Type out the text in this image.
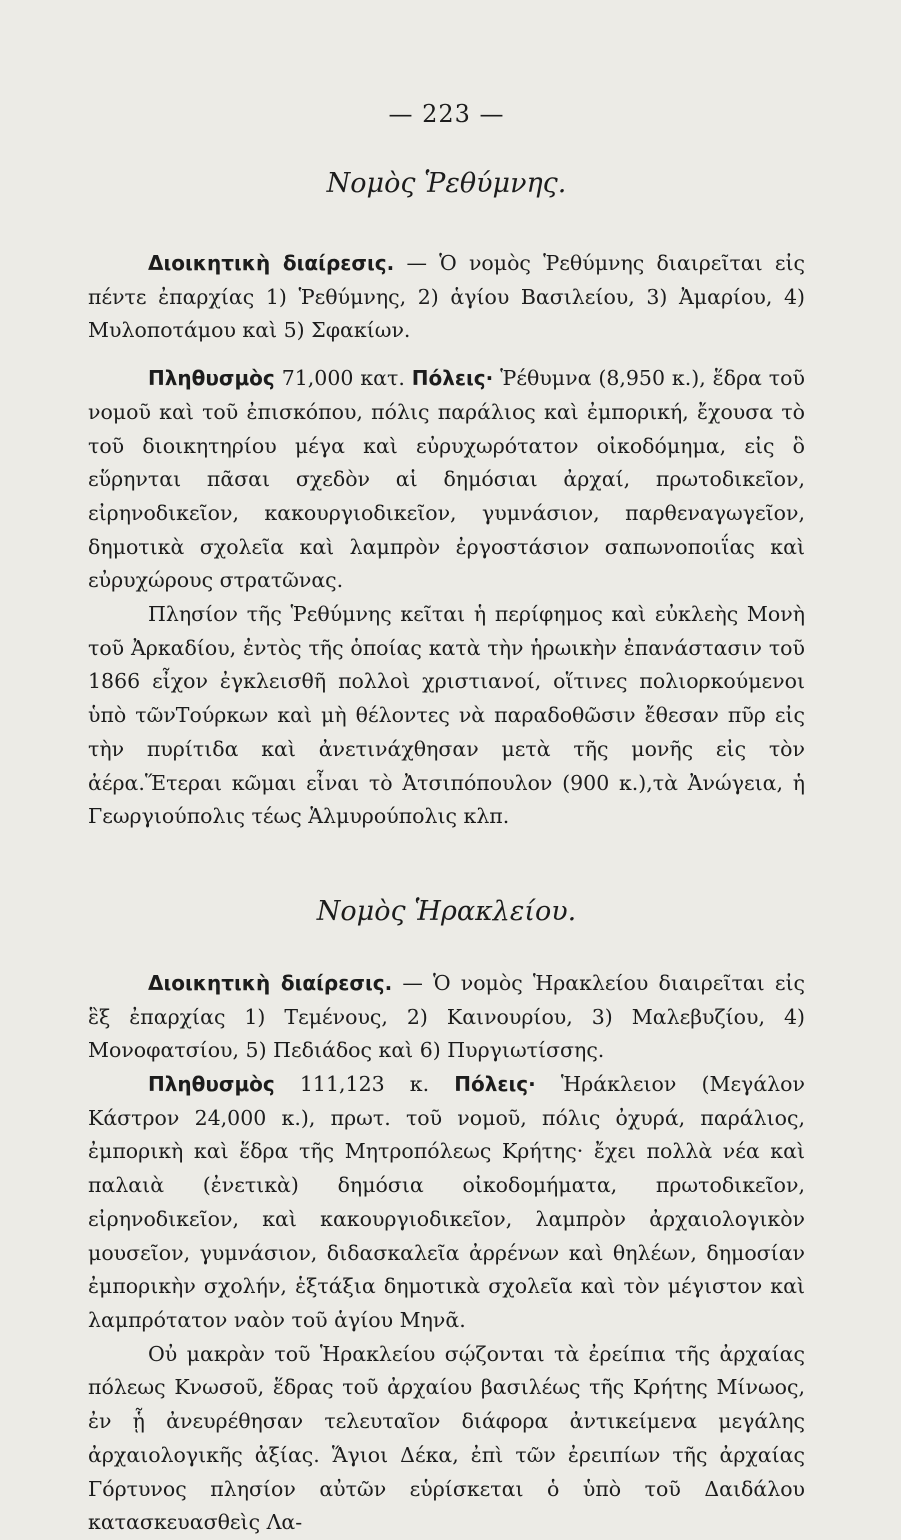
— 223 —
Νομὸς Ῥεθύμνης.

Διοικητικὴ διαίρεσις. — Ὁ νομὸς Ῥεθύμνης διαιρεῖται εἰς πέντε ἐπαρχίας 1) Ῥεθύμνης, 2) ἁγίου Βασιλείου, 3) Ἀμαρίου, 4) Μυλοποτάμου καὶ 5) Σφακίων.

Πληθυσμὸς 71,000 κατ. Πόλεις· Ῥέθυμνα (8,950 κ.), ἕδρα τοῦ νομοῦ καὶ τοῦ ἐπισκόπου, πόλις παράλιος καὶ ἐμπορική, ἔχουσα τὸ τοῦ διοικητηρίου μέγα καὶ εὐρυχωρότατον οἰκοδόμημα, εἰς ὃ εὕρηνται πᾶσαι σχεδὸν αἱ δημόσιαι ἀρχαί, πρωτοδικεῖον, εἰρηνοδικεῖον, κακουργιοδικεῖον, γυμνάσιον, παρθεναγωγεῖον, δημοτικὰ σχολεῖα καὶ λαμπρὸν ἐργοστάσιον σαπωνοποιΐας καὶ εὐρυχώρους στρατῶνας.

Πλησίον τῆς Ῥεθύμνης κεῖται ἡ περίφημος καὶ εὐκλεὴς Μονὴ τοῦ Ἀρκαδίου, ἐντὸς τῆς ὁποίας κατὰ τὴν ἡρωικὴν ἐπανάστασιν τοῦ 1866 εἶχον ἐγκλεισθῆ πολλοὶ χριστιανοί, οἵτινες πολιορκούμενοι ὑπὸ τῶνΤούρκων καὶ μὴ θέλοντες νὰ παραδοθῶσιν ἔθεσαν πῦρ εἰς τὴν πυρίτιδα καὶ ἀνετινάχθησαν μετὰ τῆς μονῆς εἰς τὸν ἀέρα.Ἕτεραι κῶμαι εἶναι τὸ Ἀτσιπόπουλον (900 κ.),τὰ Ἀνώγεια, ἡ Γεωργιούπολις τέως Ἁλμυρούπολις κλπ.

Νομὸς Ἡρακλείου.

Διοικητικὴ διαίρεσις. — Ὁ νομὸς Ἡρακλείου διαιρεῖται εἰς ἓξ ἐπαρχίας 1) Τεμένους, 2) Καινουρίου, 3) Μαλεβυζίου, 4) Μονοφατσίου, 5) Πεδιάδος καὶ 6) Πυργιωτίσσης.

Πληθυσμὸς 111,123 κ. Πόλεις· Ἡράκλειον (Μεγάλον Κάστρον 24,000 κ.), πρωτ. τοῦ νομοῦ, πόλις ὀχυρά, παράλιος, ἐμπορικὴ καὶ ἕδρα τῆς Μητροπόλεως Κρήτης· ἔχει πολλὰ νέα καὶ παλαιὰ (ἐνετικὰ) δημόσια οἰκοδομήματα, πρωτοδικεῖον, εἰρηνοδικεῖον, καὶ κακουργιοδικεῖον, λαμπρὸν ἀρχαιολογικὸν μουσεῖον, γυμνάσιον, διδασκαλεῖα ἀρρένων καὶ θηλέων, δημοσίαν ἐμπορικὴν σχολήν, ἑξτάξια δημοτικὰ σχολεῖα καὶ τὸν μέγιστον καὶ λαμπρότατον ναὸν τοῦ ἁγίου Μηνᾶ.

Οὐ μακρὰν τοῦ Ἡρακλείου σῴζονται τὰ ἐρείπια τῆς ἀρχαίας πόλεως Κνωσοῦ, ἕδρας τοῦ ἀρχαίου βασιλέως τῆς Κρήτης Μίνωος, ἐν ᾗ ἀνευρέθησαν τελευταῖον διάφορα ἀντικείμενα μεγάλης ἀρχαιολογικῆς ἀξίας. Ἅγιοι Δέκα, ἐπὶ τῶν ἐρειπίων τῆς ἀρχαίας Γόρτυνος πλησίον αὐτῶν εὑρίσκεται ὁ ὑπὸ τοῦ Δαιδάλου κατασκευασθεὶς Λα-
